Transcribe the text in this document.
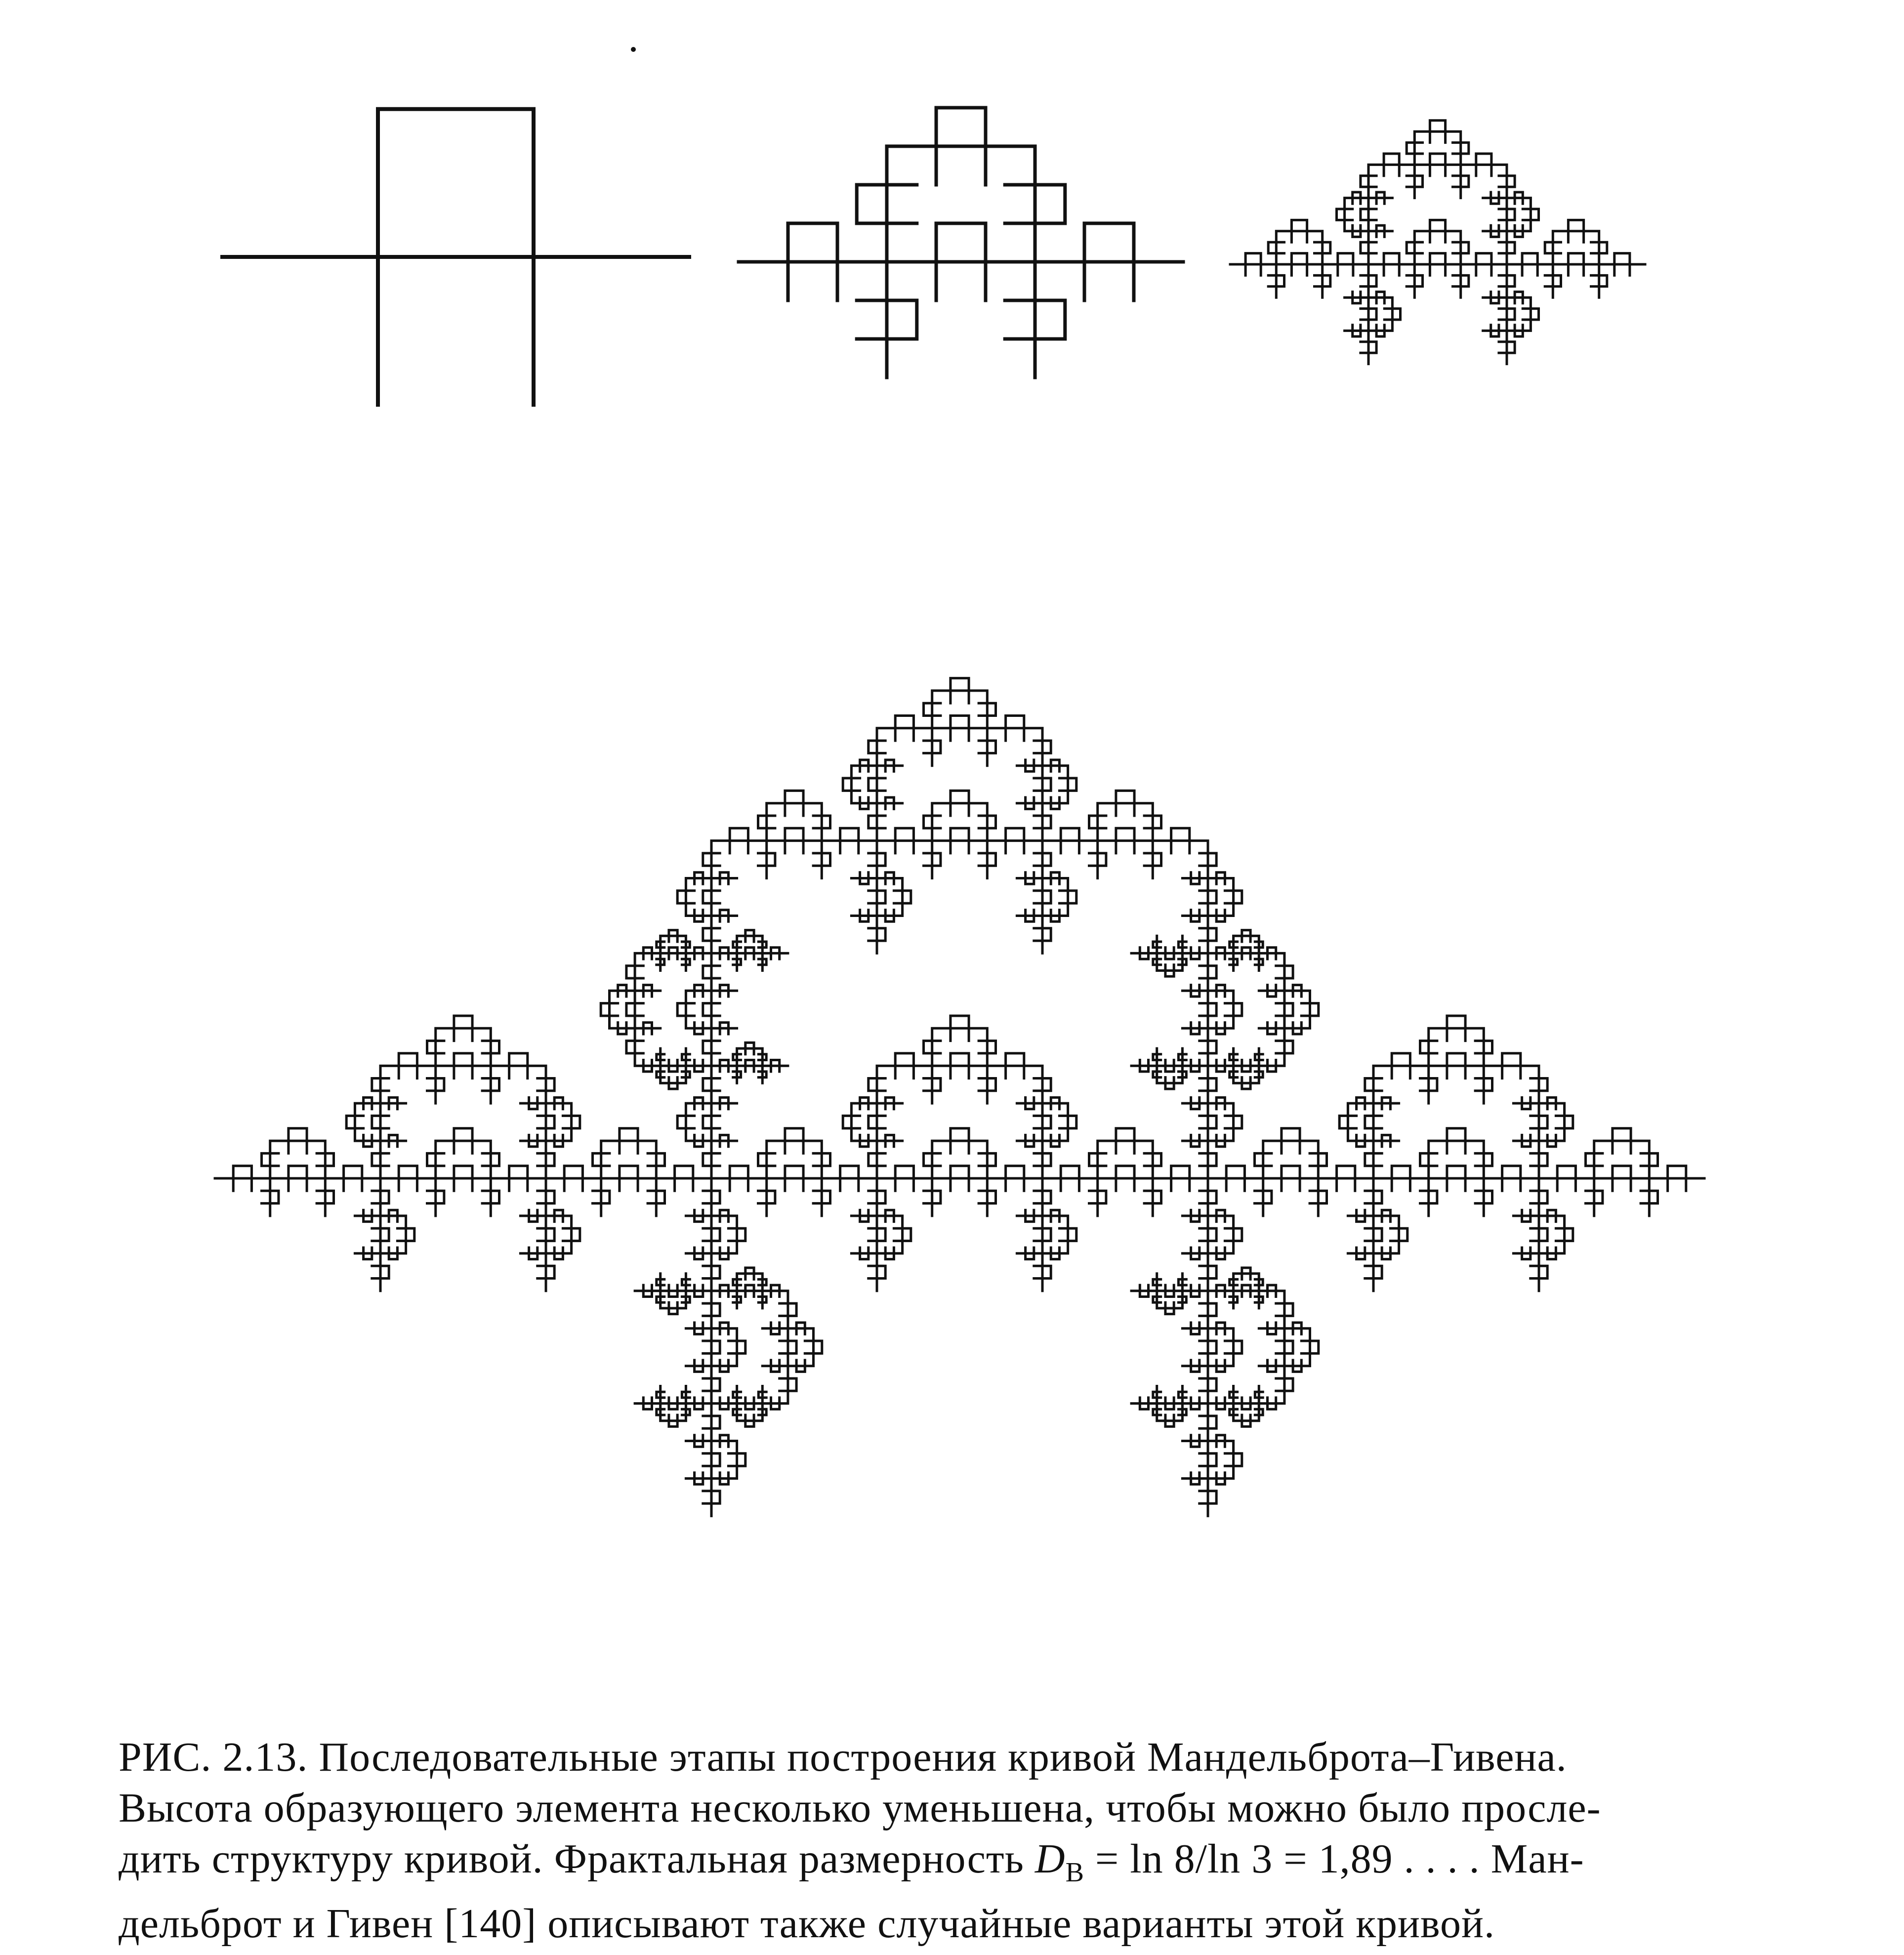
РИС. 2.13. Последовательные этапы построения кривой Мандельброта–Гивена.
Высота образующего элемента несколько уменьшена, чтобы можно было просле-
дить структуру кривой. Фрактальная размерность $D_B = \ln 8/\ln$ 3 = 1,89 . . . . Ман-
дельброт и Гивен [140] описывают также случайные варианты этой кривой.
